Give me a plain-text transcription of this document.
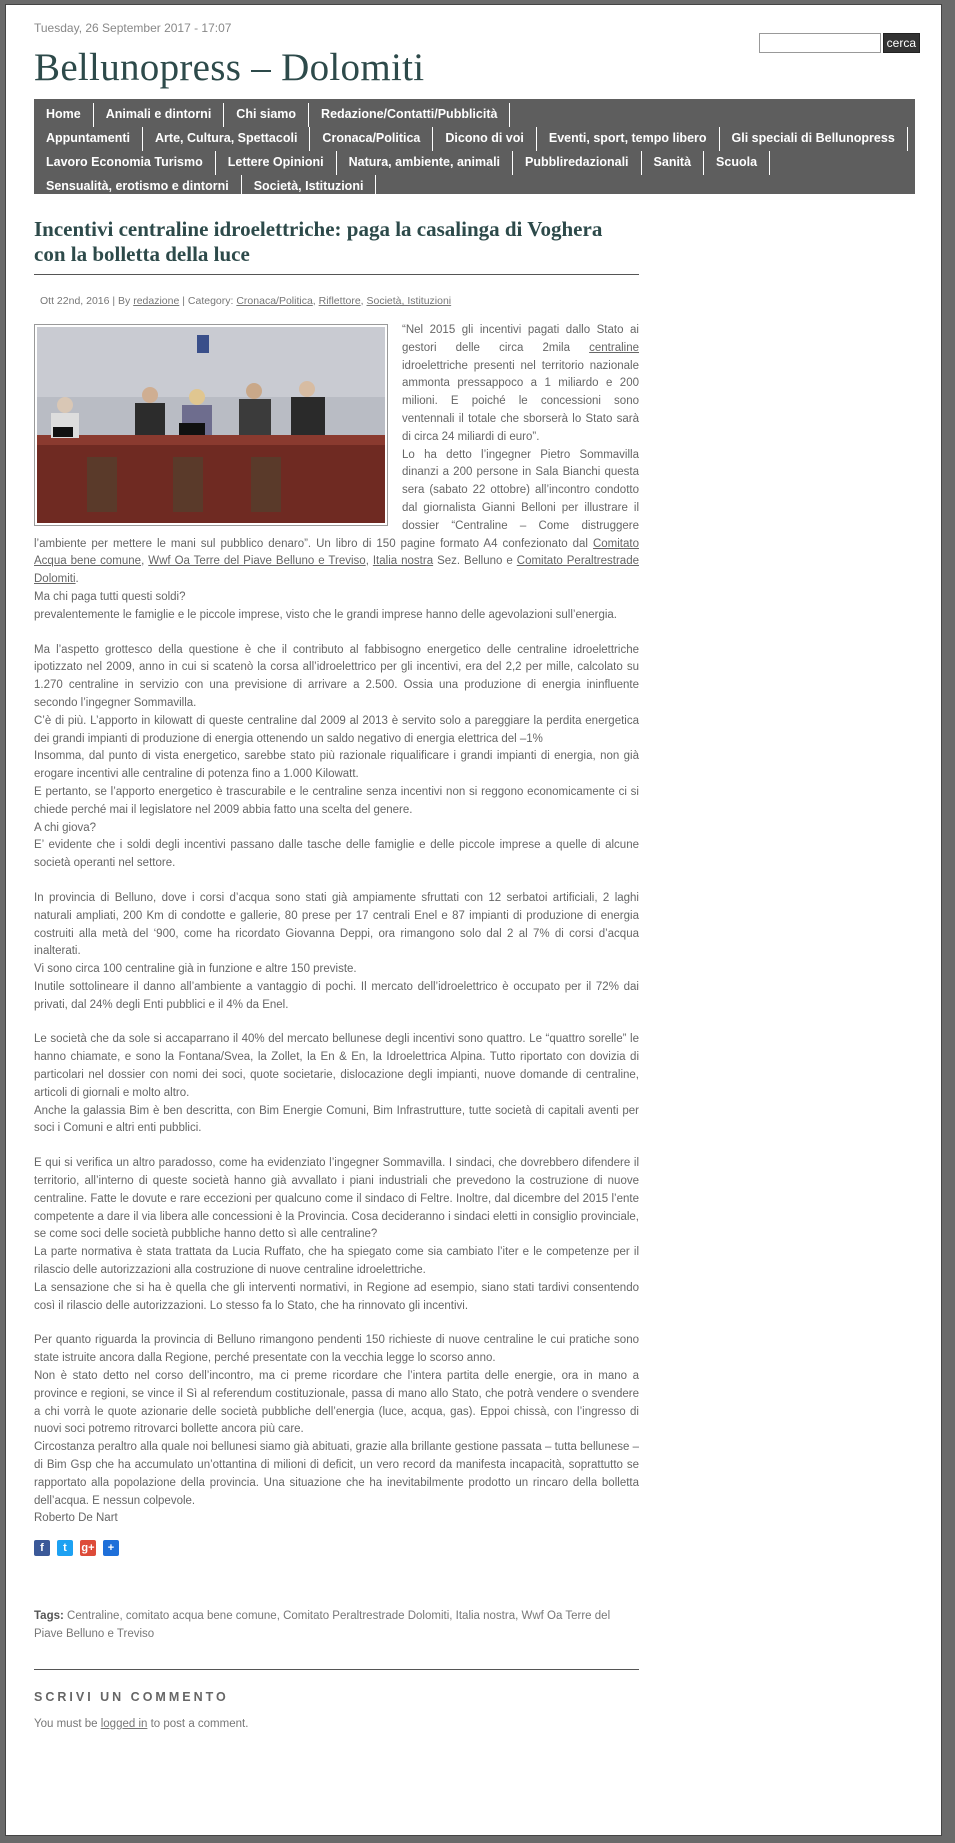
Tuesday, 26 September 2017 - 17:07
Bellunopress – Dolomiti
cerca
Home	Animali e dintorni	Chi siamo	Redazione/Contatti/Pubblicità
Appuntamenti	Arte, Cultura, Spettacoli	Cronaca/Politica	Dicono di voi	Eventi, sport, tempo libero	Gli speciali di Bellunopress
Lavoro Economia Turismo	Lettere Opinioni	Natura, ambiente, animali	Pubbliredazionali	Sanità	Scuola
Sensualità, erotismo e dintorni	Società, Istituzioni
Incentivi centraline idroelettriche: paga la casalinga di Voghera con la bolletta della luce
Ott 22nd, 2016 | By redazione | Category: Cronaca/Politica, Riflettore, Società, Istituzioni

“Nel 2015 gli incentivi pagati dallo Stato ai gestori delle circa 2mila centraline idroelettriche presenti nel territorio nazionale ammonta pressappoco a 1 miliardo e 200 milioni. E poiché le concessioni sono ventennali il totale che sborserà lo Stato sarà di circa 24 miliardi di euro”.

Lo ha detto l’ingegner Pietro Sommavilla dinanzi a 200 persone in Sala Bianchi questa sera (sabato 22 ottobre) all’incontro condotto dal giornalista Gianni Belloni per illustrare il dossier “Centraline – Come distruggere l’ambiente per mettere le mani sul pubblico denaro”. Un libro di 150 pagine formato A4 confezionato dal Comitato Acqua bene comune, Wwf Oa Terre del Piave Belluno e Treviso, Italia nostra Sez. Belluno e Comitato Peraltrestrade Dolomiti.

Ma chi paga tutti questi soldi?

prevalentemente le famiglie e le piccole imprese, visto che le grandi imprese hanno delle agevolazioni sull’energia.

Ma l’aspetto grottesco della questione è che il contributo al fabbisogno energetico delle centraline idroelettriche ipotizzato nel 2009, anno in cui si scatenò la corsa all’idroelettrico per gli incentivi, era del 2,2 per mille, calcolato su 1.270 centraline in servizio con una previsione di arrivare a 2.500. Ossia una produzione di energia ininfluente secondo l’ingegner Sommavilla.

C’è di più. L’apporto in kilowatt di queste centraline dal 2009 al 2013 è servito solo a pareggiare la perdita energetica dei grandi impianti di produzione di energia ottenendo un saldo negativo di energia elettrica del –1%

Insomma, dal punto di vista energetico, sarebbe stato più razionale riqualificare i grandi impianti di energia, non già erogare incentivi alle centraline di potenza fino a 1.000 Kilowatt.

E pertanto, se l’apporto energetico è trascurabile e le centraline senza incentivi non si reggono economicamente ci si chiede perché mai il legislatore nel 2009 abbia fatto una scelta del genere.

A chi giova?

E’ evidente che i soldi degli incentivi passano dalle tasche delle famiglie e delle piccole imprese a quelle di alcune società operanti nel settore.

In provincia di Belluno, dove i corsi d’acqua sono stati già ampiamente sfruttati con 12 serbatoi artificiali, 2 laghi naturali ampliati, 200 Km di condotte e gallerie, 80 prese per 17 centrali Enel e 87 impianti di produzione di energia costruiti alla metà del ‘900, come ha ricordato Giovanna Deppi, ora rimangono solo dal 2 al 7% di corsi d’acqua inalterati.

Vi sono circa 100 centraline già in funzione e altre 150 previste.

Inutile sottolineare il danno all’ambiente a vantaggio di pochi. Il mercato dell’idroelettrico è occupato per il 72% dai privati, dal 24% degli Enti pubblici e il 4% da Enel.

Le società che da sole si accaparrano il 40% del mercato bellunese degli incentivi sono quattro. Le “quattro sorelle” le hanno chiamate, e sono la Fontana/Svea, la Zollet, la En & En, la Idroelettrica Alpina. Tutto riportato con dovizia di particolari nel dossier con nomi dei soci, quote societarie, dislocazione degli impianti, nuove domande di centraline, articoli di giornali e molto altro.

Anche la galassia Bim è ben descritta, con Bim Energie Comuni, Bim Infrastrutture, tutte società di capitali aventi per soci i Comuni e altri enti pubblici.

E qui si verifica un altro paradosso, come ha evidenziato l’ingegner Sommavilla. I sindaci, che dovrebbero difendere il territorio, all’interno di queste società hanno già avvallato i piani industriali che prevedono la costruzione di nuove centraline. Fatte le dovute e rare eccezioni per qualcuno come il sindaco di Feltre. Inoltre, dal dicembre del 2015 l’ente competente a dare il via libera alle concessioni è la Provincia. Cosa decideranno i sindaci eletti in consiglio provinciale, se come soci delle società pubbliche hanno detto sì alle centraline?

La parte normativa è stata trattata da Lucia Ruffato, che ha spiegato come sia cambiato l’iter e le competenze per il rilascio delle autorizzazioni alla costruzione di nuove centraline idroelettriche.

La sensazione che si ha è quella che gli interventi normativi, in Regione ad esempio, siano stati tardivi consentendo così il rilascio delle autorizzazioni. Lo stesso fa lo Stato, che ha rinnovato gli incentivi.

Per quanto riguarda la provincia di Belluno rimangono pendenti 150 richieste di nuove centraline le cui pratiche sono state istruite ancora dalla Regione, perché presentate con la vecchia legge lo scorso anno.

Non è stato detto nel corso dell’incontro, ma ci preme ricordare che l’intera partita delle energie, ora in mano a province e regioni, se vince il Sì al referendum costituzionale, passa di mano allo Stato, che potrà vendere o svendere a chi vorrà le quote azionarie delle società pubbliche dell’energia (luce, acqua, gas). Eppoi chissà, con l’ingresso di nuovi soci potremo ritrovarci bollette ancora più care.

Circostanza peraltro alla quale noi bellunesi siamo già abituati, grazie alla brillante gestione passata – tutta bellunese – di Bim Gsp che ha accumulato un’ottantina di milioni di deficit, un vero record da manifesta incapacità, soprattutto se rapportato alla popolazione della provincia. Una situazione che ha inevitabilmente prodotto un rincaro della bolletta dell’acqua. E nessun colpevole.

Roberto De Nart

f	t	g+	+
Tags: Centraline, comitato acqua bene comune, Comitato Peraltrestrade Dolomiti, Italia nostra, Wwf Oa Terre del Piave Belluno e Treviso
SCRIVI UN COMMENTO
You must be logged in to post a comment.
